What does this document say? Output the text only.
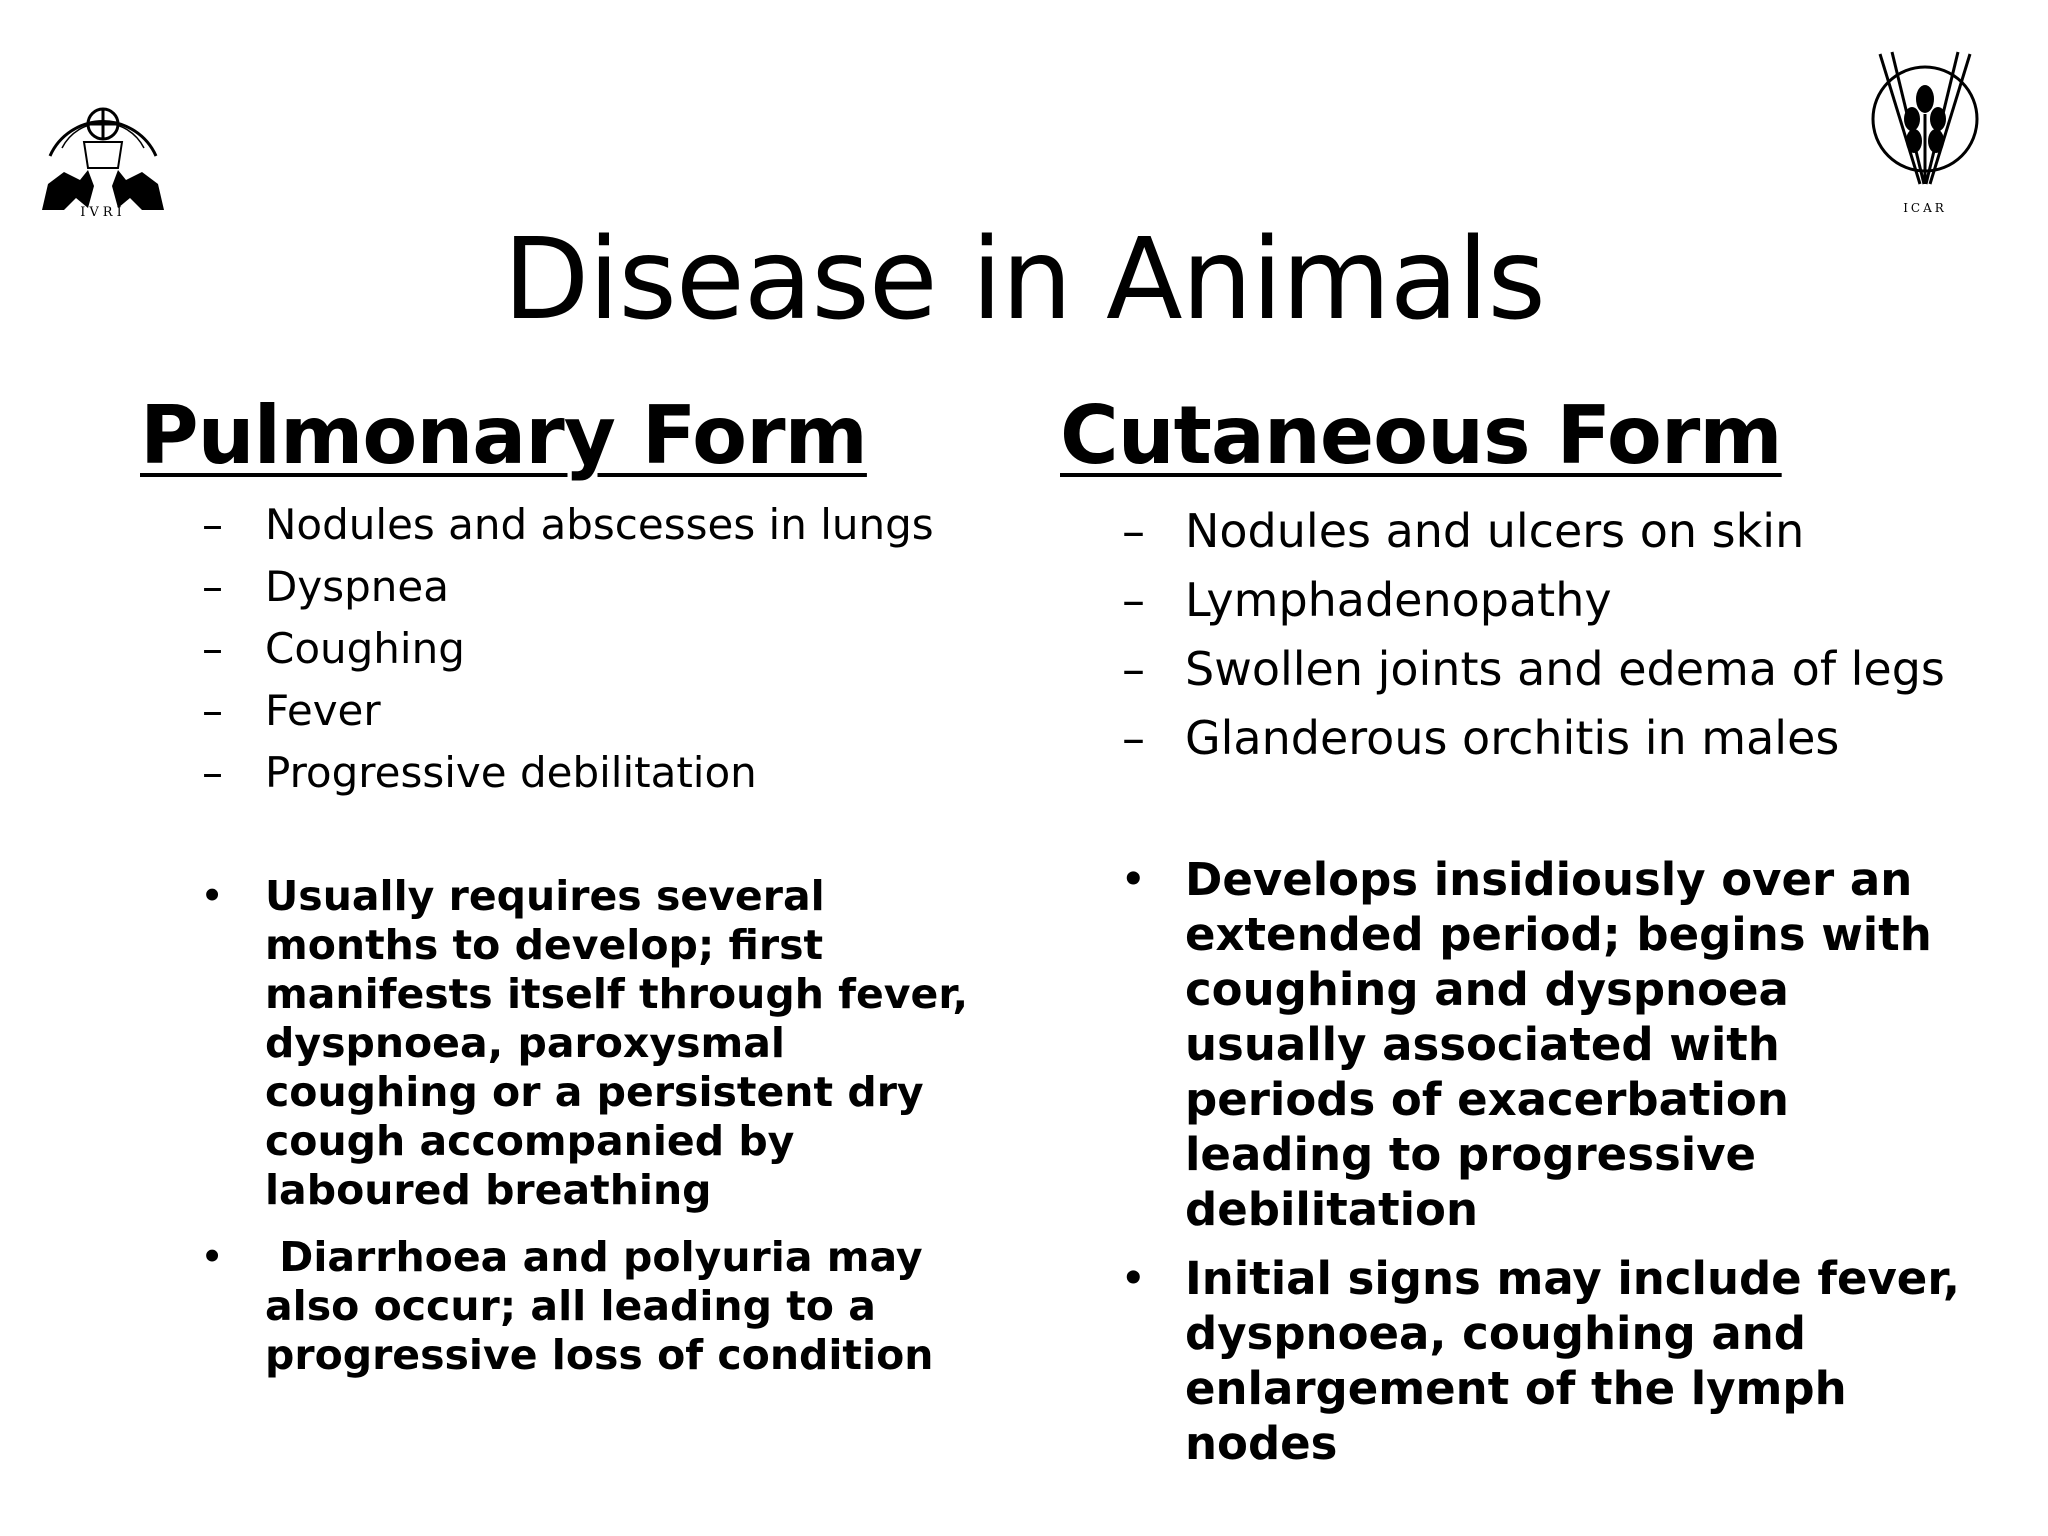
IVRI	ICAR
Disease in Animals
Pulmonary Form
– Nodules and abscesses in lungs
– Dyspnea
– Coughing
– Fever
– Progressive debilitation
• Usually requires several months to develop; first manifests itself through fever, dyspnoea, paroxysmal coughing or a persistent dry cough accompanied by laboured breathing
• Diarrhoea and polyuria may also occur; all leading to a progressive loss of condition
Cutaneous Form
– Nodules and ulcers on skin
– Lymphadenopathy
– Swollen joints and edema of legs
– Glanderous orchitis in males
• Develops insidiously over an extended period; begins with coughing and dyspnoea usually associated with periods of exacerbation leading to progressive debilitation
• Initial signs may include fever, dyspnoea, coughing and enlargement of the lymph nodes
